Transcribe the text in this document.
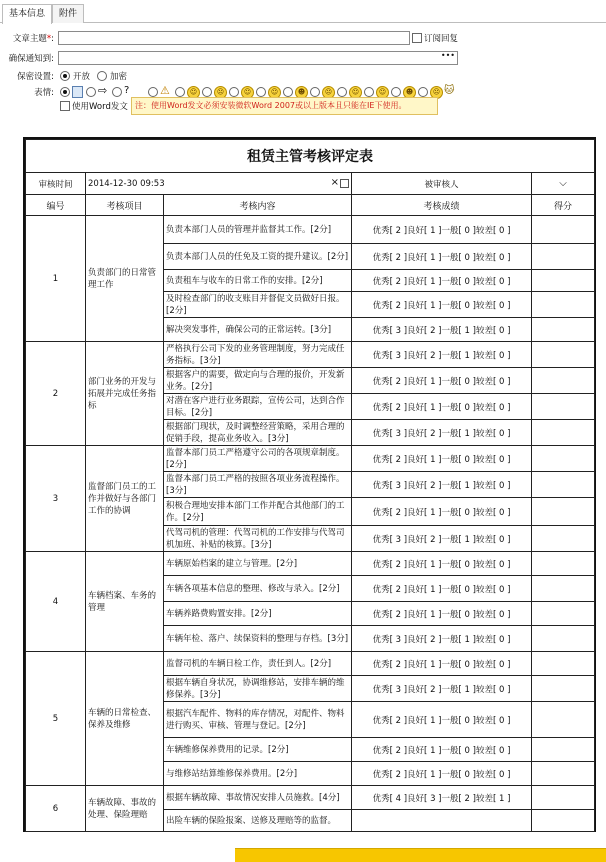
基本信息	附件
文章主题*:	订阅回复
确保通知到:	•••
保密设置: 开放 加密
表情:	⇨ ?	⚠	☺	☹	☺	☺	☻	☹	☺	☺	☻	☹ 🐱
使用Word发文 注：使用Word发文必须安装微软Word 2007或以上版本且只能在IE下使用。
租赁主管考核评定表				
审核时间	2014-12-30 09:53 ×		被审核人	⌵
编号	考核项目	考核内容	考核成绩	得分
1	负责部门的日常管理工作	负责本部门人员的管理并监督其工作。[2分]	优秀[ 2 ]良好[ 1 ]一般[ 0 ]较差[ 0 ]	
		负责本部门人员的任免及工资的提升建议。[2分]	优秀[ 2 ]良好[ 1 ]一般[ 0 ]较差[ 0 ]	
		负责租车与收车的日常工作的安排。[2分]	优秀[ 2 ]良好[ 1 ]一般[ 0 ]较差[ 0 ]	
		及时检查部门的收支账目并督促文员做好日报。[2分]	优秀[ 2 ]良好[ 1 ]一般[ 0 ]较差[ 0 ]	
		解决突发事件，确保公司的正常运转。[3分]	优秀[ 3 ]良好[ 2 ]一般[ 1 ]较差[ 0 ]	
2	部门业务的开发与拓展并完成任务指标	严格执行公司下发的业务管理制度，努力完成任务指标。[3分]	优秀[ 3 ]良好[ 2 ]一般[ 1 ]较差[ 0 ]	
		根据客户的需要，做定向与合理的报价，开发新业务。[2分]	优秀[ 2 ]良好[ 1 ]一般[ 0 ]较差[ 0 ]	
		对潜在客户进行业务跟踪，宣传公司，达到合作目标。[2分]	优秀[ 2 ]良好[ 1 ]一般[ 0 ]较差[ 0 ]	
		根据部门现状，及时调整经营策略，采用合理的促销手段，提高业务收入。[3分]	优秀[ 3 ]良好[ 2 ]一般[ 1 ]较差[ 0 ]	
3	监督部门员工的工作并做好与各部门工作的协调	监督本部门员工严格遵守公司的各项规章制度。[2分]	优秀[ 2 ]良好[ 1 ]一般[ 0 ]较差[ 0 ]	
		监督本部门员工严格的按照各项业务流程操作。[3分]	优秀[ 3 ]良好[ 2 ]一般[ 1 ]较差[ 0 ]	
		积极合理地安排本部门工作并配合其他部门的工作。[2分]	优秀[ 2 ]良好[ 1 ]一般[ 0 ]较差[ 0 ]	
		代驾司机的管理：代驾司机的工作安排与代驾司机加班、补贴的核算。[3分]	优秀[ 3 ]良好[ 2 ]一般[ 1 ]较差[ 0 ]	
4	车辆档案、车务的管理	车辆原始档案的建立与管理。[2分]	优秀[ 2 ]良好[ 1 ]一般[ 0 ]较差[ 0 ]	
		车辆各项基本信息的整理、修改与录入。[2分]	优秀[ 2 ]良好[ 1 ]一般[ 0 ]较差[ 0 ]	
		车辆养路费购置安排。[2分]	优秀[ 2 ]良好[ 1 ]一般[ 0 ]较差[ 0 ]	
		车辆年检、落户、续保资料的整理与存档。[3分]	优秀[ 3 ]良好[ 2 ]一般[ 1 ]较差[ 0 ]	
5	车辆的日常检查、保养及维修	监督司机的车辆日检工作，责任到人。[2分]	优秀[ 2 ]良好[ 1 ]一般[ 0 ]较差[ 0 ]	
		根据车辆自身状况，协调维修站，安排车辆的维修保养。[3分]	优秀[ 3 ]良好[ 2 ]一般[ 1 ]较差[ 0 ]	
		根据汽车配件、物料的库存情况，对配件、物料进行购买、审核、管理与登记。[2分]	优秀[ 2 ]良好[ 1 ]一般[ 0 ]较差[ 0 ]	
		车辆维修保养费用的记录。[2分]	优秀[ 2 ]良好[ 1 ]一般[ 0 ]较差[ 0 ]	
		与维修站结算维修保养费用。[2分]	优秀[ 2 ]良好[ 1 ]一般[ 0 ]较差[ 0 ]	
6	车辆故障、事故的处理、保险理赔	根据车辆故障、事故情况安排人员施救。[4分]	优秀[ 4 ]良好[ 3 ]一般[ 2 ]较差[ 1 ]	
		出险车辆的保险报案、送修及理赔等的监督。		
